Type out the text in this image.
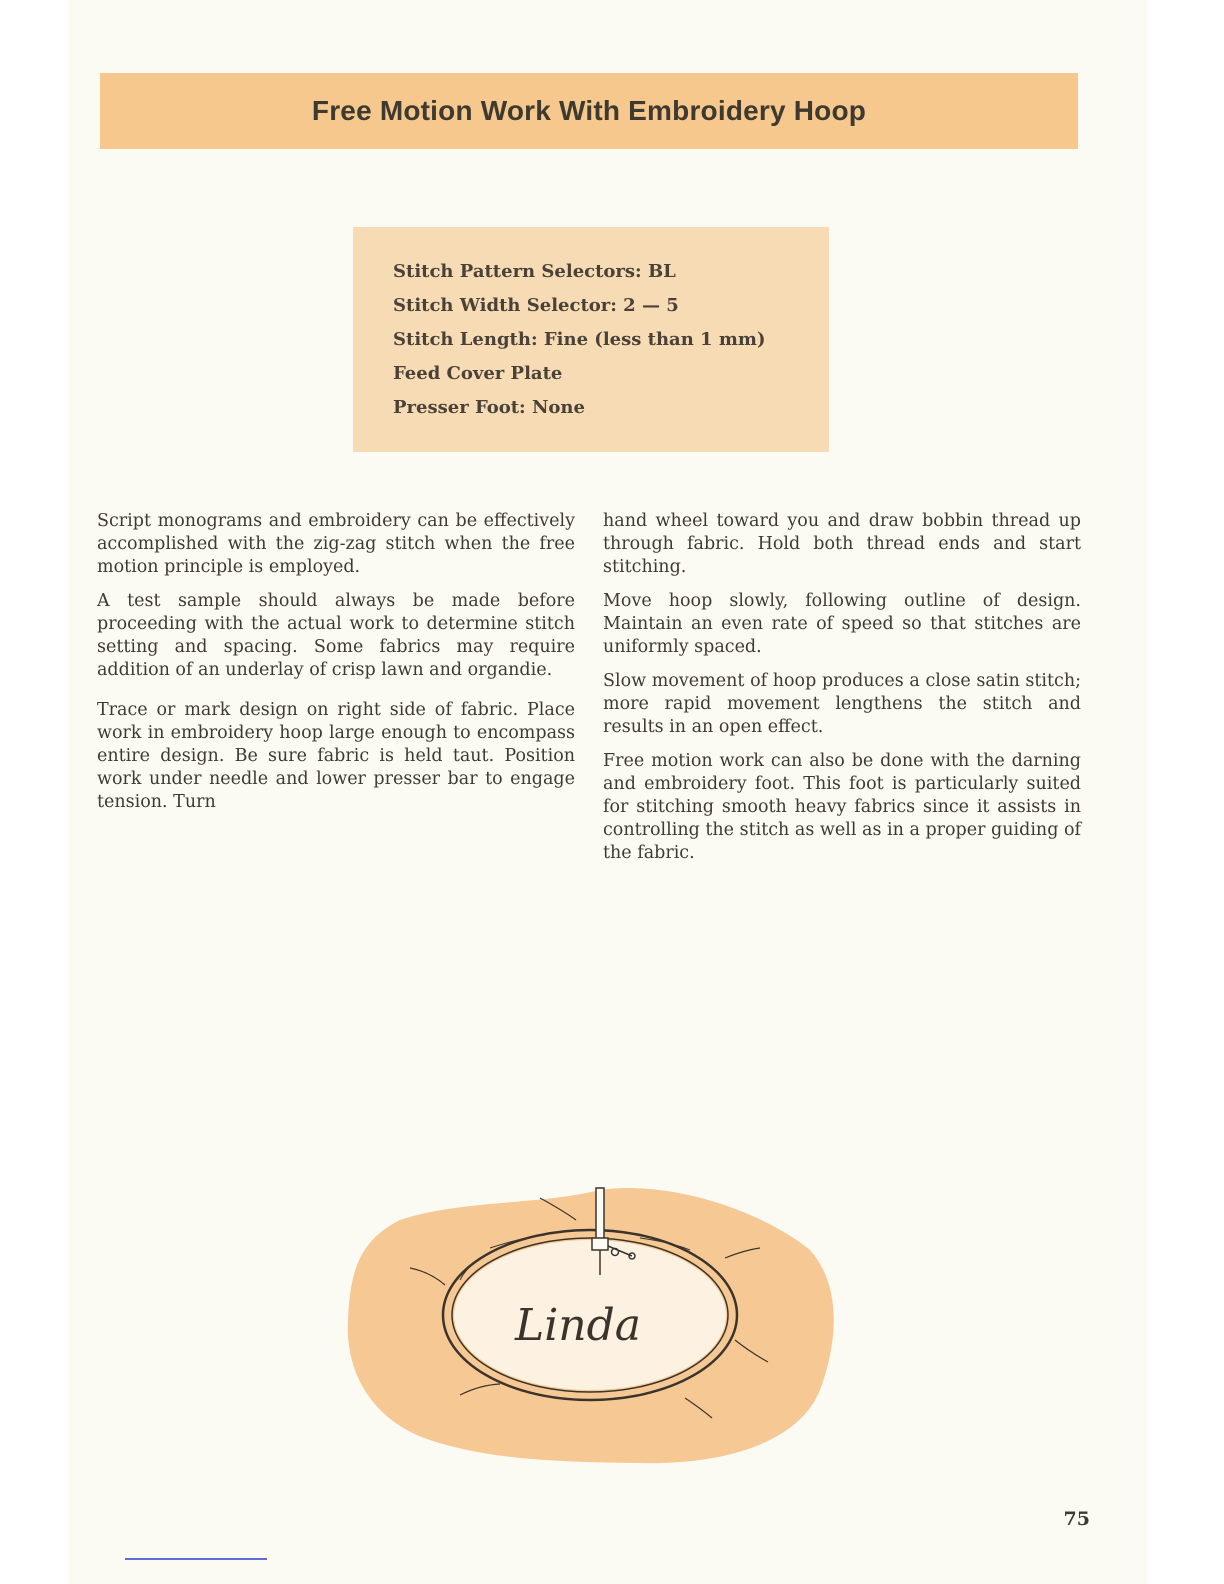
Free Motion Work With Embroidery Hoop
Stitch Pattern Selectors: BL
Stitch Width Selector: 2 — 5
Stitch Length: Fine (less than 1 mm)
Feed Cover Plate
Presser Foot: None

Script monograms and embroidery can be effectively accomplished with the zig-zag stitch when the free motion principle is employed.

A test sample should always be made before proceeding with the actual work to determine stitch setting and spacing. Some fabrics may require addition of an underlay of crisp lawn and organdie.

Trace or mark design on right side of fabric. Place work in embroidery hoop large enough to encompass entire design. Be sure fabric is held taut. Position work under needle and lower presser bar to engage tension. Turn

hand wheel toward you and draw bobbin thread up through fabric. Hold both thread ends and start stitching.

Move hoop slowly, following outline of design. Maintain an even rate of speed so that stitches are uniformly spaced.

Slow movement of hoop produces a close satin stitch; more rapid movement lengthens the stitch and results in an open effect.

Free motion work can also be done with the darning and embroidery foot. This foot is particularly suited for stitching smooth heavy fabrics since it assists in controlling the stitch as well as in a proper guiding of the fabric.

Linda
75
